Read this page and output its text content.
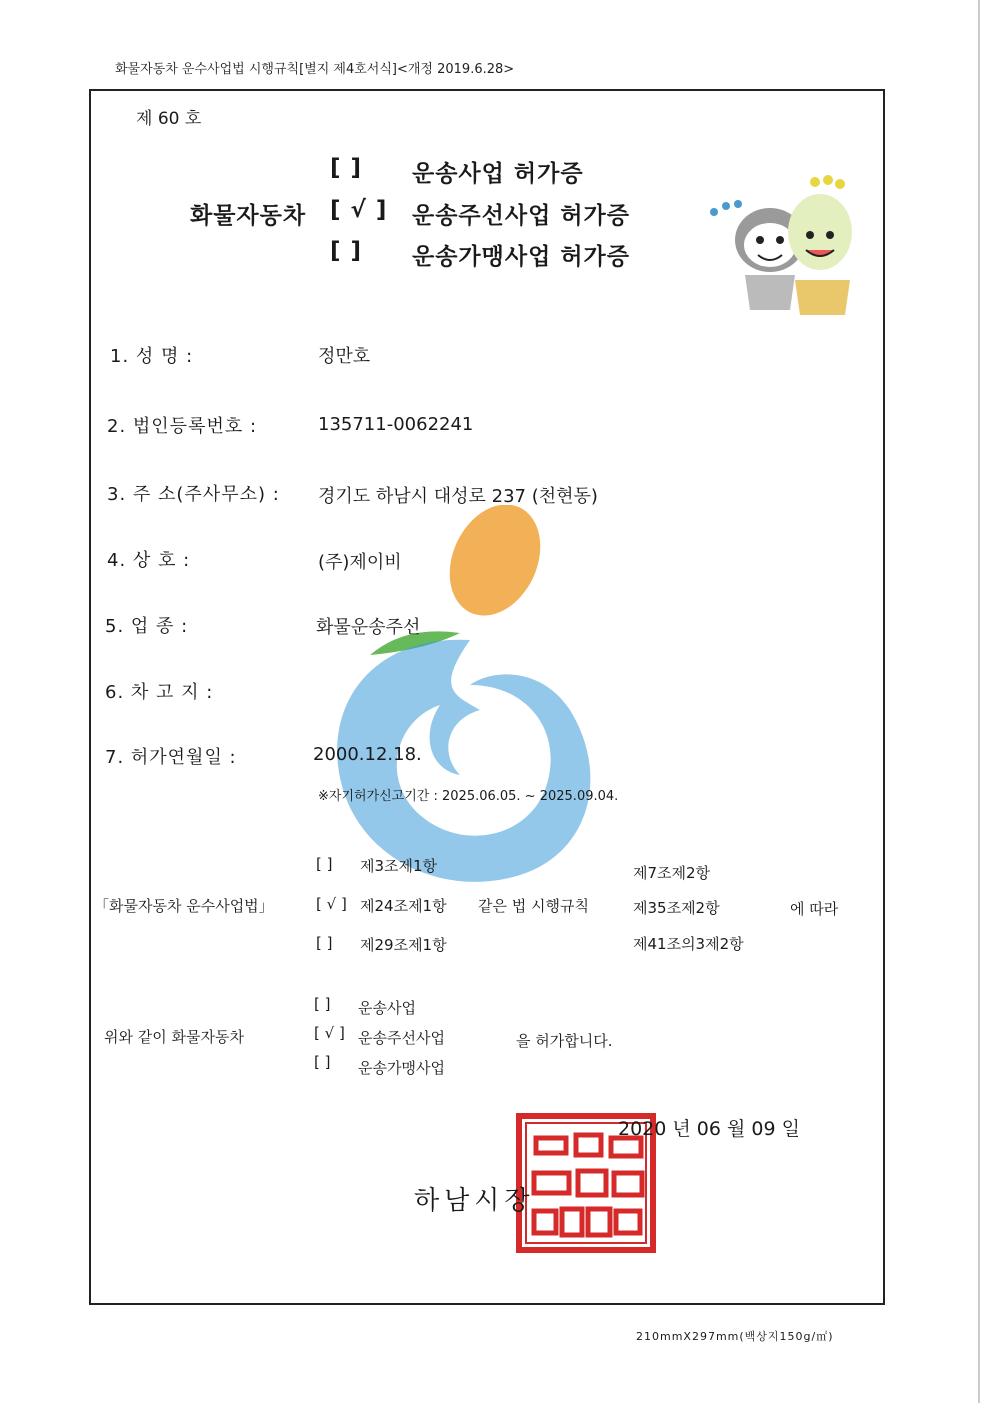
화물자동차 운수사업법 시행규칙[별지 제4호서식]<개정 2019.6.28>
제 60 호
화물자동차
[ ] 운송사업 허가증
[ √ ] 운송주선사업 허가증
[ ] 운송가맹사업 허가증
1. 성 명 :	정만호
2. 법인등록번호 :	135711-0062241
3. 주 소(주사무소) : 경기도 하남시 대성로 237 (천현동)
4. 상 호 :	(주)제이비
5. 업 종 :	화물운송주선
6. 차 고 지 :
7. 허가연월일 :	2000.12.18.
※자기허가신고기간 : 2025.06.05. ~ 2025.09.04.
「화물자동차 운수사업법」
[ ] 제3조제1항
[ √ ] 제24조제1항
[ ] 제29조제1항
같은 법 시행규칙
제7조제2항
제35조제2항
제41조의3제2항
에 따라
위와 같이 화물자동차
[ ] 운송사업
[ √ ] 운송주선사업
[ ] 운송가맹사업
을 허가합니다.
2020 년 06 월 09 일
하남시장
210mmX297mm(백상지150g/㎡)
